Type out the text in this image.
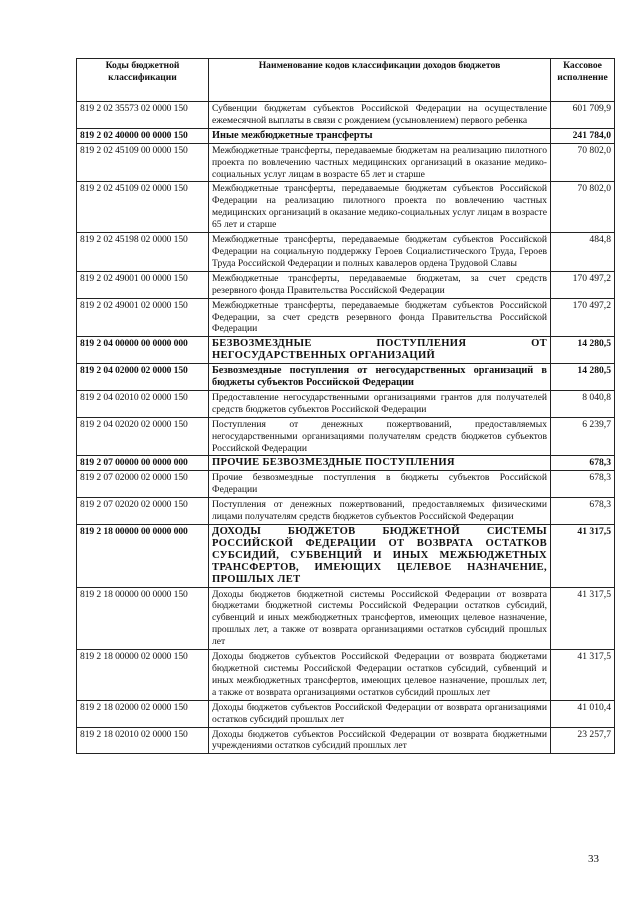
Коды бюджетной классификации	Наименование кодов классификации доходов бюджетов	Кассовое исполнение
819 2 02 35573 02 0000 150	Субвенции бюджетам субъектов Российской Федерации на осуществление ежемесячной выплаты в связи с рождением (усыновлением) первого ребенка	601 709,9
819 2 02 40000 00 0000 150	Иные межбюджетные трансферты	241 784,0
819 2 02 45109 00 0000 150	Межбюджетные трансферты, передаваемые бюджетам на реализацию пилотного проекта по вовлечению частных медицинских организаций в оказание медико-социальных услуг лицам в возрасте 65 лет и старше	70 802,0
819 2 02 45109 02 0000 150	Межбюджетные трансферты, передаваемые бюджетам субъектов Российской Федерации на реализацию пилотного проекта по вовлечению частных медицинских организаций в оказание медико-социальных услуг лицам в возрасте 65 лет и старше	70 802,0
819 2 02 45198 02 0000 150	Межбюджетные трансферты, передаваемые бюджетам субъектов Российской Федерации на социальную поддержку Героев Социалистического Труда, Героев Труда Российской Федерации и полных кавалеров ордена Трудовой Славы	484,8
819 2 02 49001 00 0000 150	Межбюджетные трансферты, передаваемые бюджетам, за счет средств резервного фонда Правительства Российской Федерации	170 497,2
819 2 02 49001 02 0000 150	Межбюджетные трансферты, передаваемые бюджетам субъектов Российской Федерации, за счет средств резервного фонда Правительства Российской Федерации	170 497,2
819 2 04 00000 00 0000 000	БЕЗВОЗМЕЗДНЫЕ ПОСТУПЛЕНИЯ ОТ НЕГОСУДАРСТВЕННЫХ ОРГАНИЗАЦИЙ	14 280,5
819 2 04 02000 02 0000 150	Безвозмездные поступления от негосударственных организаций в бюджеты субъектов Российской Федерации	14 280,5
819 2 04 02010 02 0000 150	Предоставление негосударственными организациями грантов для получателей средств бюджетов субъектов Российской Федерации	8 040,8
819 2 04 02020 02 0000 150	Поступления от денежных пожертвований, предоставляемых негосударственными организациями получателям средств бюджетов субъектов Российской Федерации	6 239,7
819 2 07 00000 00 0000 000	ПРОЧИЕ БЕЗВОЗМЕЗДНЫЕ ПОСТУПЛЕНИЯ	678,3
819 2 07 02000 02 0000 150	Прочие безвозмездные поступления в бюджеты субъектов Российской Федерации	678,3
819 2 07 02020 02 0000 150	Поступления от денежных пожертвований, предоставляемых физическими лицами получателям средств бюджетов субъектов Российской Федерации	678,3
819 2 18 00000 00 0000 000	ДОХОДЫ БЮДЖЕТОВ БЮДЖЕТНОЙ СИСТЕМЫ РОССИЙСКОЙ ФЕДЕРАЦИИ ОТ ВОЗВРАТА ОСТАТКОВ СУБСИДИЙ, СУБВЕНЦИЙ И ИНЫХ МЕЖБЮДЖЕТНЫХ ТРАНСФЕРТОВ, ИМЕЮЩИХ ЦЕЛЕВОЕ НАЗНАЧЕНИЕ, ПРОШЛЫХ ЛЕТ	41 317,5
819 2 18 00000 00 0000 150	Доходы бюджетов бюджетной системы Российской Федерации от возврата бюджетами бюджетной системы Российской Федерации остатков субсидий, субвенций и иных межбюджетных трансфертов, имеющих целевое назначение, прошлых лет, а также от возврата организациями остатков субсидий прошлых лет	41 317,5
819 2 18 00000 02 0000 150	Доходы бюджетов субъектов Российской Федерации от возврата бюджетами бюджетной системы Российской Федерации остатков субсидий, субвенций и иных межбюджетных трансфертов, имеющих целевое назначение, прошлых лет, а также от возврата организациями остатков субсидий прошлых лет	41 317,5
819 2 18 02000 02 0000 150	Доходы бюджетов субъектов Российской Федерации от возврата организациями остатков субсидий прошлых лет	41 010,4
819 2 18 02010 02 0000 150	Доходы бюджетов субъектов Российской Федерации от возврата бюджетными учреждениями остатков субсидий прошлых лет	23 257,7
33
